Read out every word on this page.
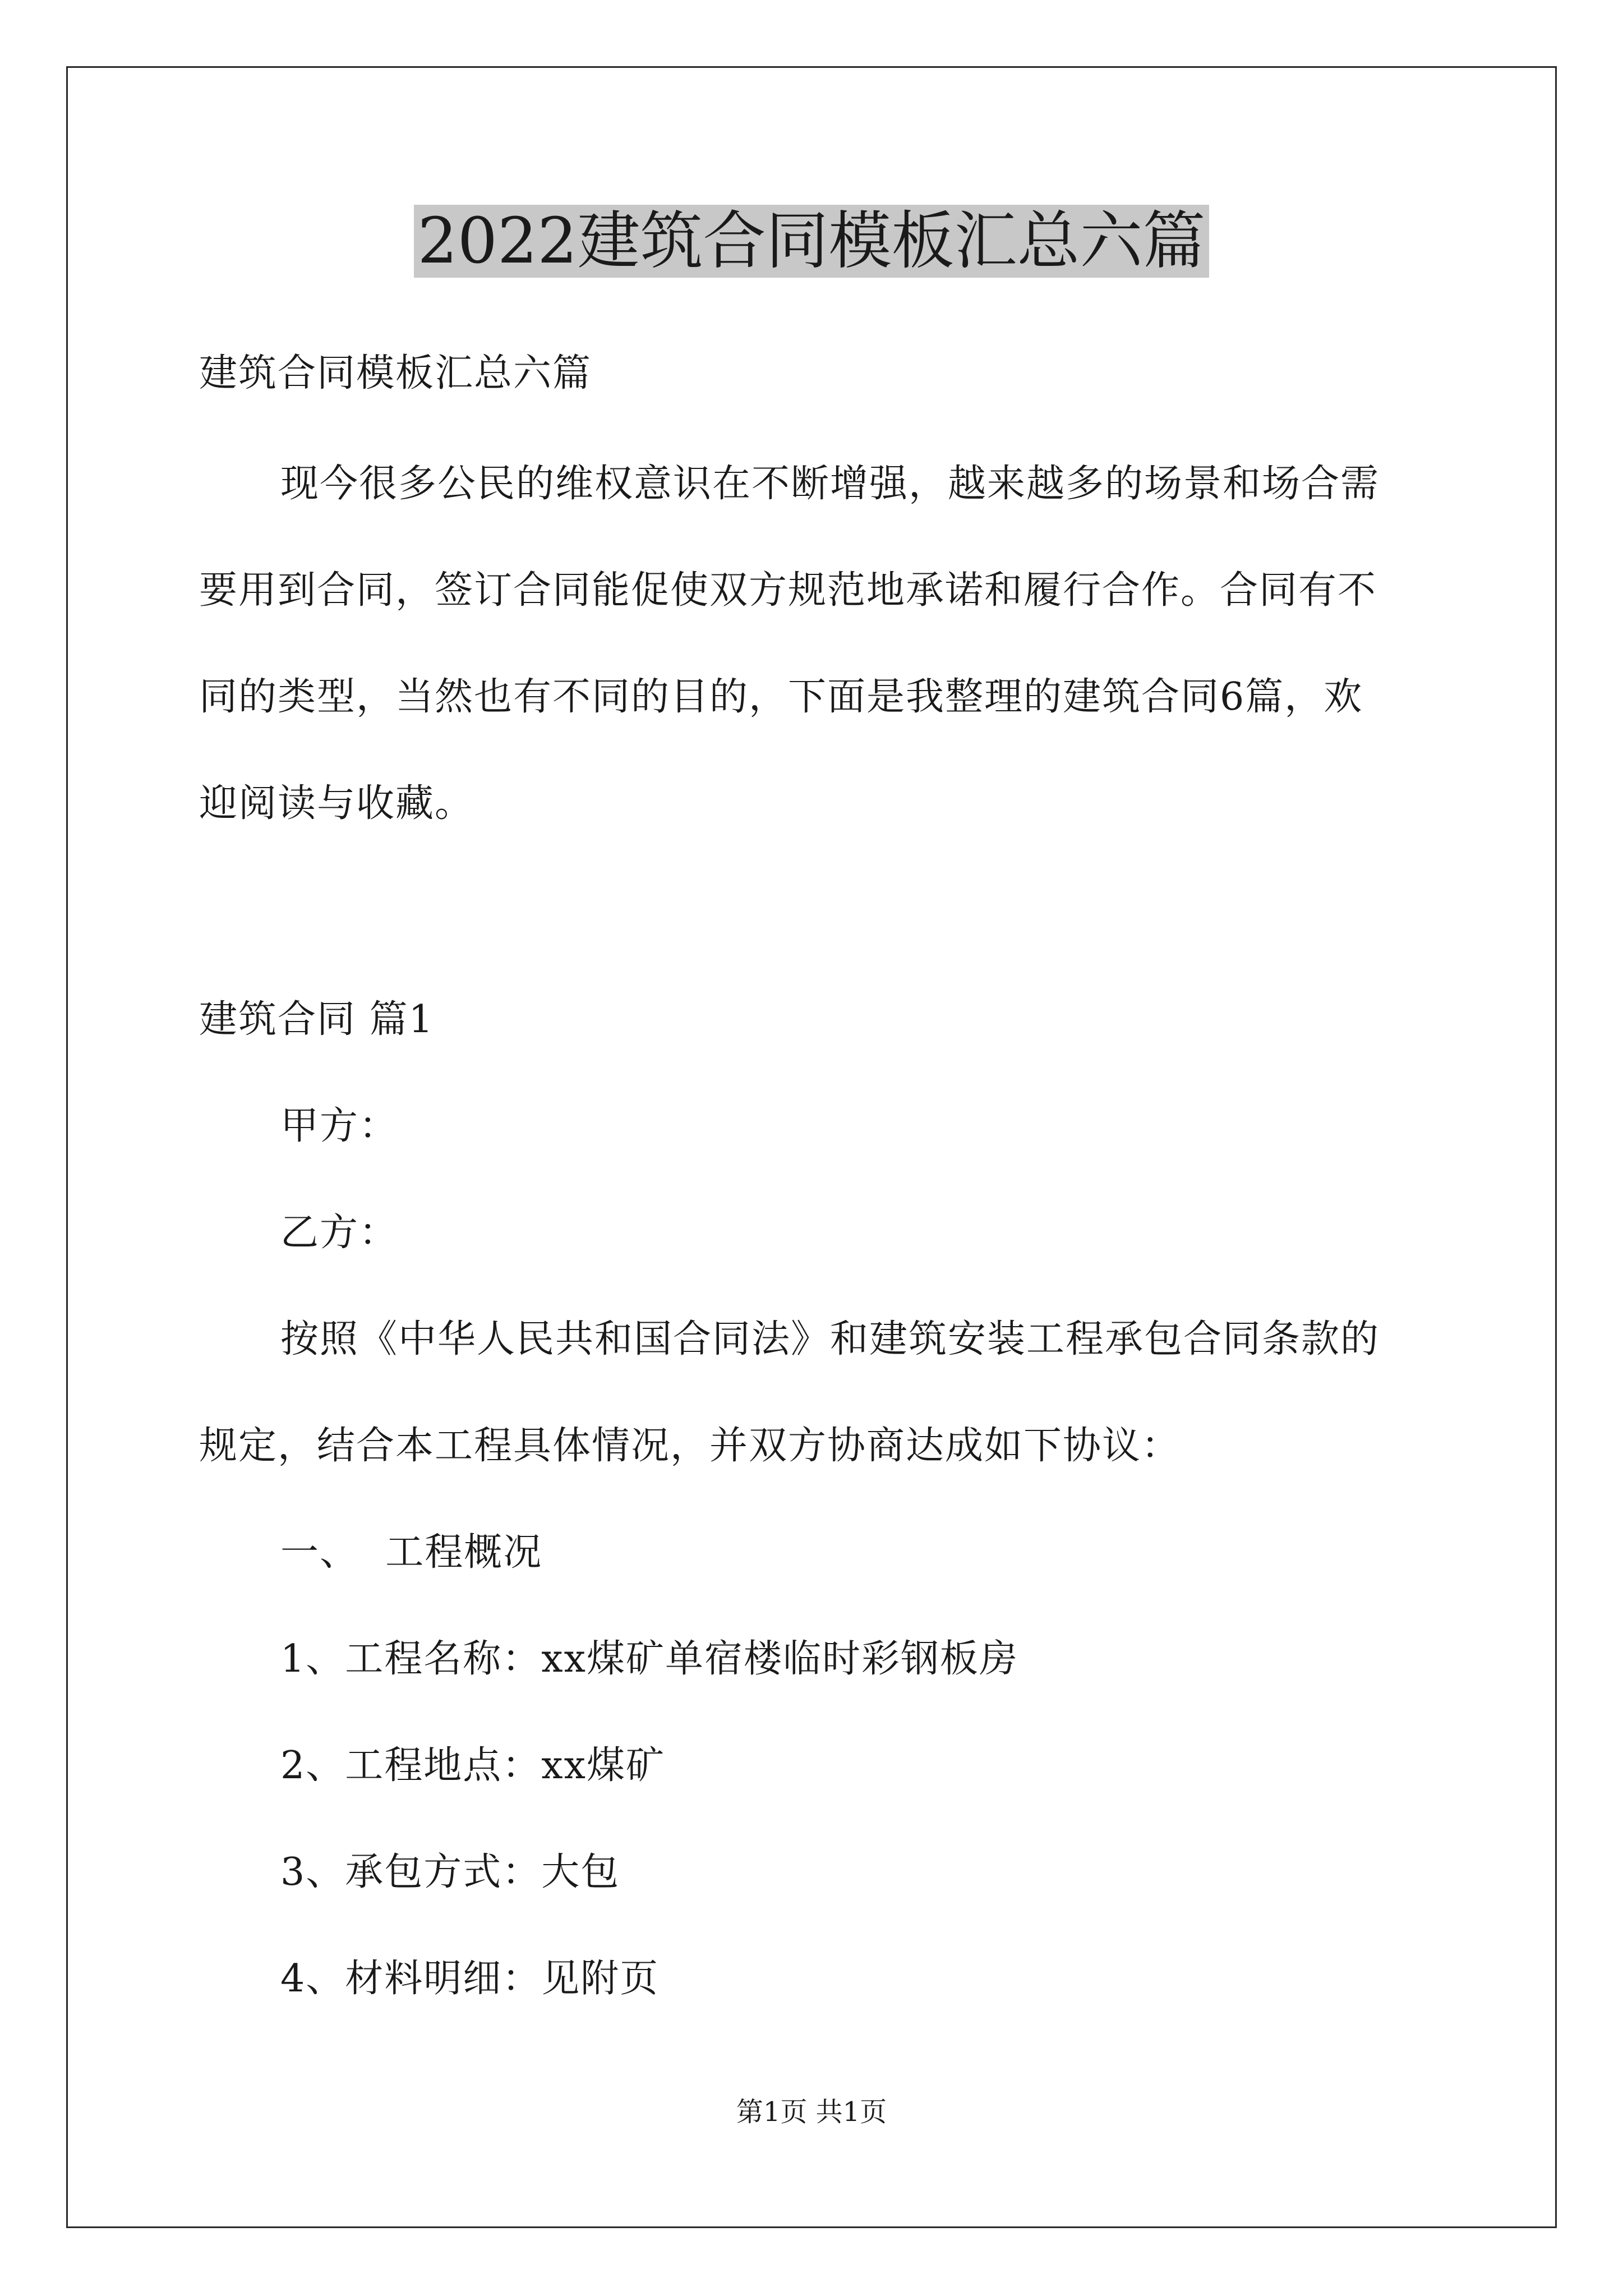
2022建筑合同模板汇总六篇
建筑合同模板汇总六篇
现今很多公民的维权意识在不断增强，越来越多的场景和场合需
要用到合同，签订合同能促使双方规范地承诺和履行合作。合同有不
同的类型，当然也有不同的目的，下面是我整理的建筑合同6篇，欢
迎阅读与收藏。
建筑合同 篇1
甲方：
乙方：
按照《中华人民共和国合同法》和建筑安装工程承包合同条款的
规定，结合本工程具体情况，并双方协商达成如下协议：
一、  工程概况
1、工程名称：xx煤矿单宿楼临时彩钢板房
2、工程地点：xx煤矿
3、承包方式：大包
4、材料明细：见附页
第1页 共1页
